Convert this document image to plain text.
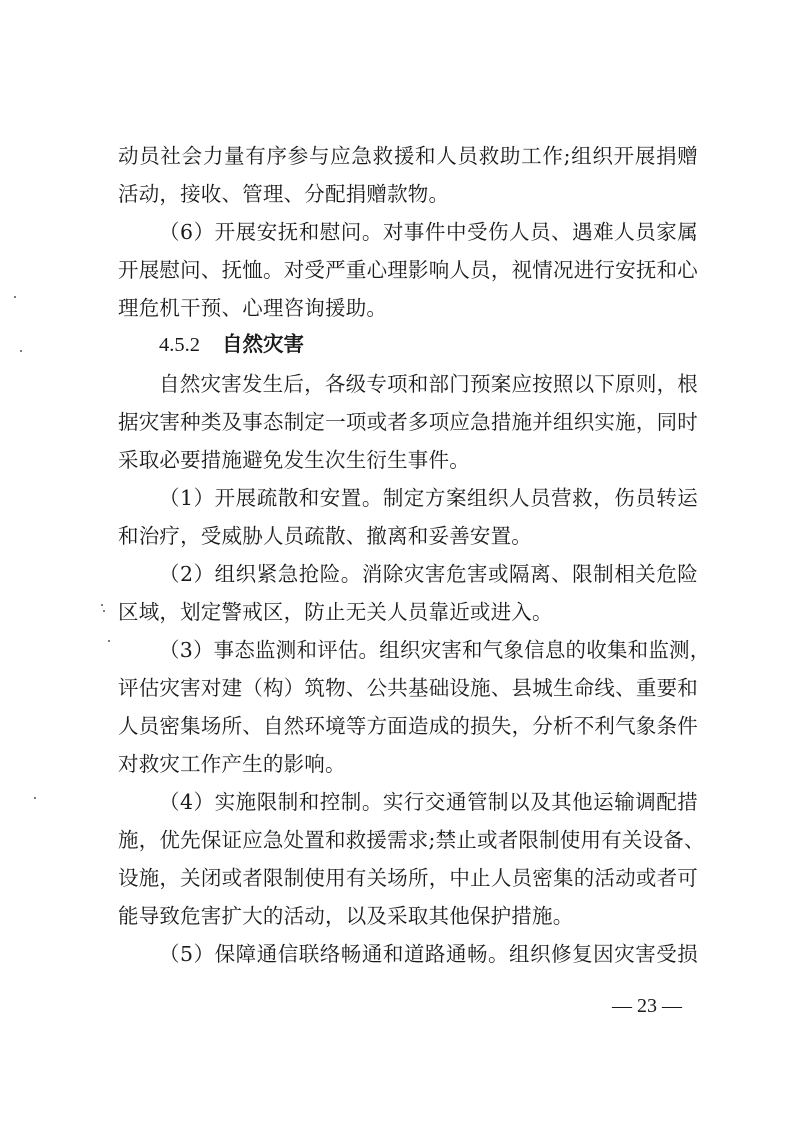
动员社会力量有序参与应急救援和人员救助工作;组织开展捐赠
活动，接收、管理、分配捐赠款物。
（6）开展安抚和慰问。对事件中受伤人员、遇难人员家属
开展慰问、抚恤。对受严重心理影响人员，视情况进行安抚和心
理危机干预、心理咨询援助。
4.5.2 自然灾害
自然灾害发生后，各级专项和部门预案应按照以下原则，根
据灾害种类及事态制定一项或者多项应急措施并组织实施，同时
采取必要措施避免发生次生衍生事件。
（1）开展疏散和安置。制定方案组织人员营救，伤员转运
和治疗，受威胁人员疏散、撤离和妥善安置。
（2）组织紧急抢险。消除灾害危害或隔离、限制相关危险
区域，划定警戒区，防止无关人员靠近或进入。
（3）事态监测和评估。组织灾害和气象信息的收集和监测，
评估灾害对建（构）筑物、公共基础设施、县城生命线、重要和
人员密集场所、自然环境等方面造成的损失，分析不利气象条件
对救灾工作产生的影响。
（4）实施限制和控制。实行交通管制以及其他运输调配措
施，优先保证应急处置和救援需求;禁止或者限制使用有关设备、
设施，关闭或者限制使用有关场所，中止人员密集的活动或者可
能导致危害扩大的活动，以及采取其他保护措施。
（5）保障通信联络畅通和道路通畅。组织修复因灾害受损
— 23 —
